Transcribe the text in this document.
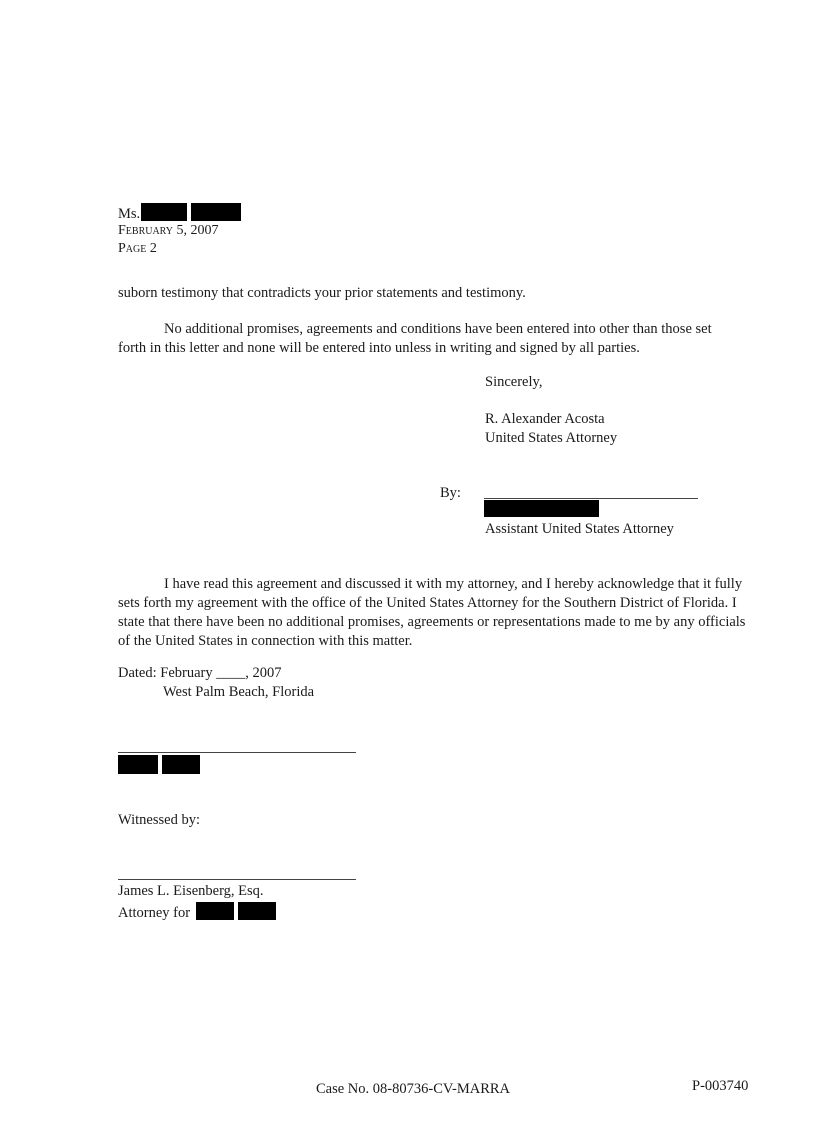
Ms.
February 5, 2007
Page 2
suborn testimony that contradicts your prior statements and testimony.
No additional promises, agreements and conditions have been entered into other than those set forth in this letter and none will be entered into unless in writing and signed by all parties.
Sincerely,
R. Alexander Acosta
United States Attorney
By:
Assistant United States Attorney
I have read this agreement and discussed it with my attorney, and I hereby acknowledge that it fully sets forth my agreement with the office of the United States Attorney for the Southern District of Florida. I state that there have been no additional promises, agreements or representations made to me by any officials of the United States in connection with this matter.
Dated: February ____, 2007
West Palm Beach, Florida
Witnessed by:
James L. Eisenberg, Esq.
Attorney for
Case No. 08-80736-CV-MARRA	P-003740
